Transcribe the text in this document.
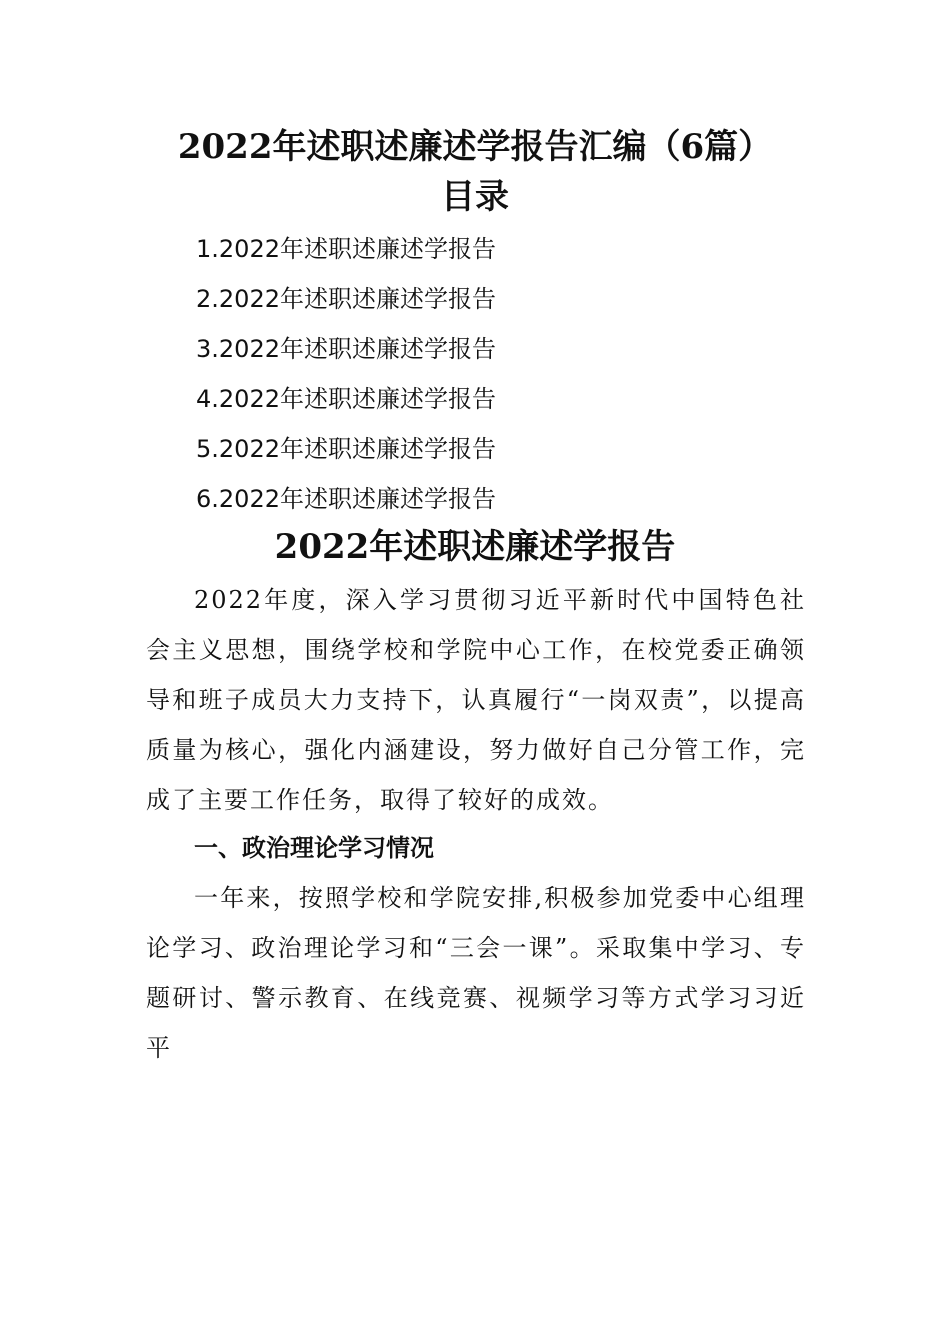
2022年述职述廉述学报告汇编（6篇）
目录
1.2022年述职述廉述学报告
2.2022年述职述廉述学报告
3.2022年述职述廉述学报告
4.2022年述职述廉述学报告
5.2022年述职述廉述学报告
6.2022年述职述廉述学报告
2022年述职述廉述学报告

2022年度，深入学习贯彻习近平新时代中国特色社会主义思想，围绕学校和学院中心工作，在校党委正确领导和班子成员大力支持下，认真履行“一岗双责”，以提高质量为核心，强化内涵建设，努力做好自己分管工作，完成了主要工作任务，取得了较好的成效。

一、政治理论学习情况

一年来，按照学校和学院安排,积极参加党委中心组理论学习、政治理论学习和“三会一课”。采取集中学习、专题研讨、警示教育、在线竞赛、视频学习等方式学习习近平
